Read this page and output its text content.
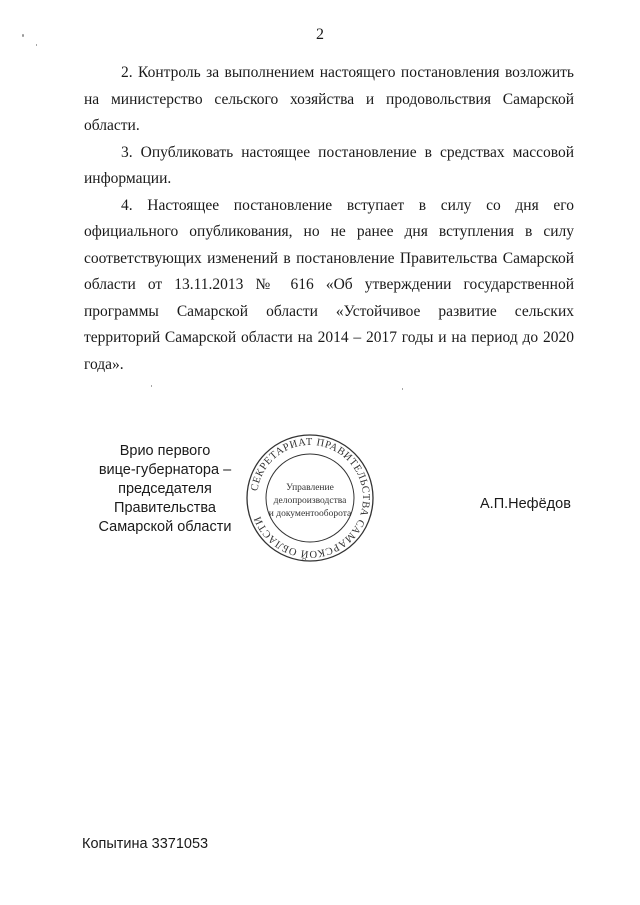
2

2. Контроль за выполнением настоящего постановления возложить на министерство сельского хозяйства и продовольствия Самарской области.

3. Опубликовать настоящее постановление в средствах массовой информации.

4. Настоящее постановление вступает в силу со дня его официального опубликования, но не ранее дня вступления в силу соответствующих изменений в постановление Правительства Самарской области от 13.11.2013 № 616 «Об утверждении государственной программы Самарской области «Устойчивое развитие сельских территорий Самарской области на 2014 – 2017 годы и на период до 2020 года».

Врио первого
вице-губернатора –
председателя Правительства
Самарской области
СЕКРЕТАРИАТ ПРАВИТЕЛЬСТВА САМАРСКОЙ ОБЛАСТИ
Управление
делопроизводства
и документооборота
А.П.Нефёдов
Копытина 3371053
